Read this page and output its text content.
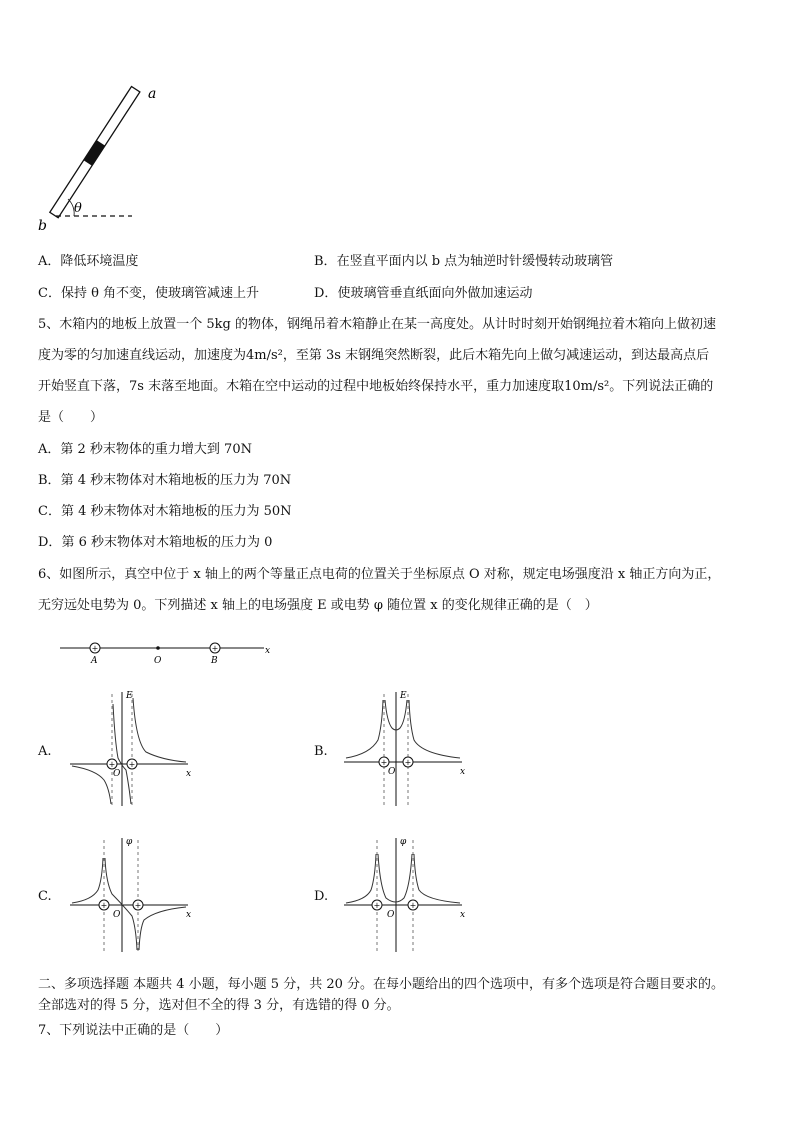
a
b
θ
A．降低环境温度	B．在竖直平面内以 b 点为轴逆时针缓慢转动玻璃管
C．保持 θ 角不变，使玻璃管减速上升	D．使玻璃管垂直纸面向外做加速运动
5、木箱内的地板上放置一个 5kg 的物体，钢绳吊着木箱静止在某一高度处。从计时时刻开始钢绳拉着木箱向上做初速
度为零的匀加速直线运动，加速度为4m/s²，至第 3s 末钢绳突然断裂，此后木箱先向上做匀减速运动，到达最高点后
开始竖直下落，7s 末落至地面。木箱在空中运动的过程中地板始终保持水平，重力加速度取10m/s²。下列说法正确的
是（　　）
A．第 2 秒末物体的重力增大到 70N
B．第 4 秒末物体对木箱地板的压力为 70N
C．第 4 秒末物体对木箱地板的压力为 50N
D．第 6 秒末物体对木箱地板的压力为 0
6、如图所示，真空中位于 x 轴上的两个等量正点电荷的位置关于坐标原点 O 对称，规定电场强度沿 x 轴正方向为正，
无穷远处电势为 0。下列描述 x 轴上的电场强度 E 或电势 φ 随位置 x 的变化规律正确的是（　）
+	+
A	O	B
x
A.
+ +
E
O	x
B.
+ +
E
O	x
C.
+	+
φ
O	x
D.
+	+
φ
O	x
二、多项选择题 本题共 4 小题，每小题 5 分，共 20 分。在每小题给出的四个选项中，有多个选项是符合题目要求的。
全部选对的得 5 分，选对但不全的得 3 分，有选错的得 0 分。
7、下列说法中正确的是（　　）
